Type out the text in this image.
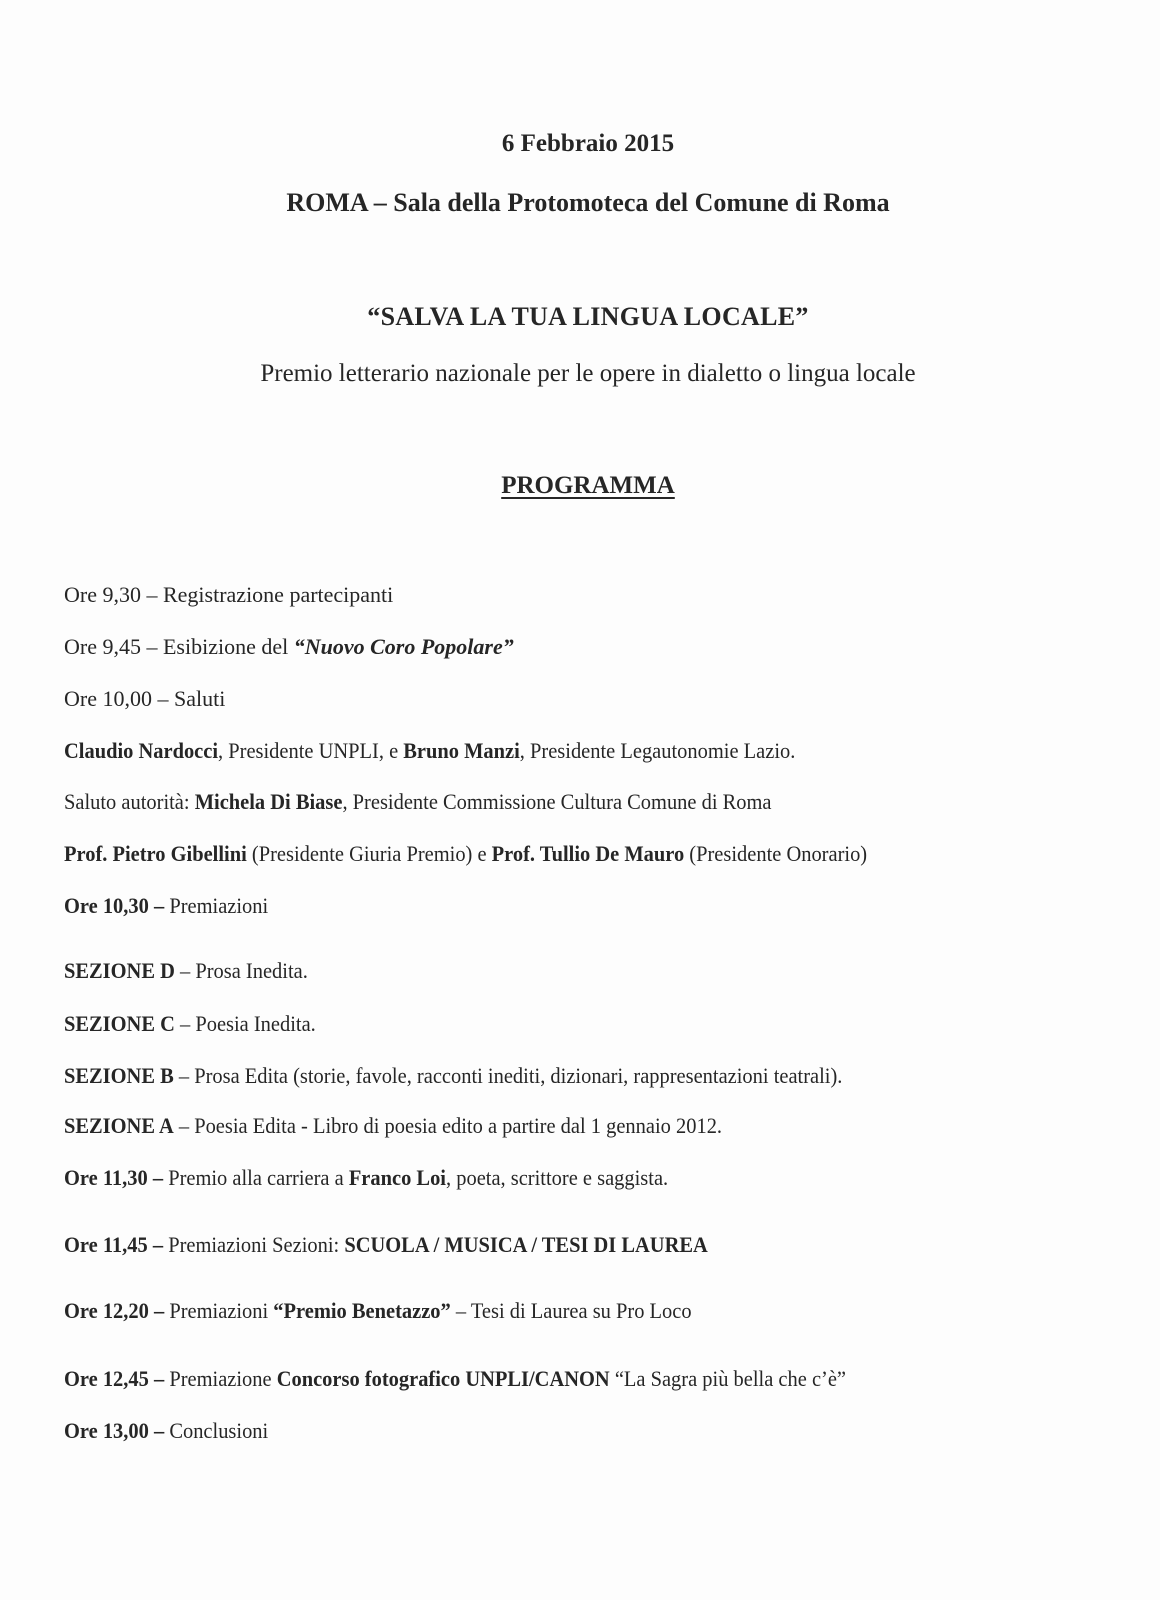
6 Febbraio 2015
ROMA – Sala della Protomoteca del Comune di Roma
“SALVA LA TUA LINGUA LOCALE”
Premio letterario nazionale per le opere in dialetto o lingua locale
PROGRAMMA
Ore 9,30 – Registrazione partecipanti
Ore 9,45 – Esibizione del “Nuovo Coro Popolare”
Ore 10,00 – Saluti
Claudio Nardocci, Presidente UNPLI, e Bruno Manzi, Presidente Legautonomie Lazio.
Saluto autorità: Michela Di Biase, Presidente Commissione Cultura Comune di Roma
Prof. Pietro Gibellini (Presidente Giuria Premio) e Prof. Tullio De Mauro (Presidente Onorario)
Ore 10,30 – Premiazioni
SEZIONE D – Prosa Inedita.
SEZIONE C – Poesia Inedita.
SEZIONE B – Prosa Edita (storie, favole, racconti inediti, dizionari, rappresentazioni teatrali).
SEZIONE A – Poesia Edita - Libro di poesia edito a partire dal 1 gennaio 2012.
Ore 11,30 – Premio alla carriera a Franco Loi, poeta, scrittore e saggista.
Ore 11,45 – Premiazioni Sezioni: SCUOLA / MUSICA / TESI DI LAUREA
Ore 12,20 – Premiazioni “Premio Benetazzo” – Tesi di Laurea su Pro Loco
Ore 12,45 – Premiazione Concorso fotografico UNPLI/CANON “La Sagra più bella che c’è”
Ore 13,00 – Conclusioni
